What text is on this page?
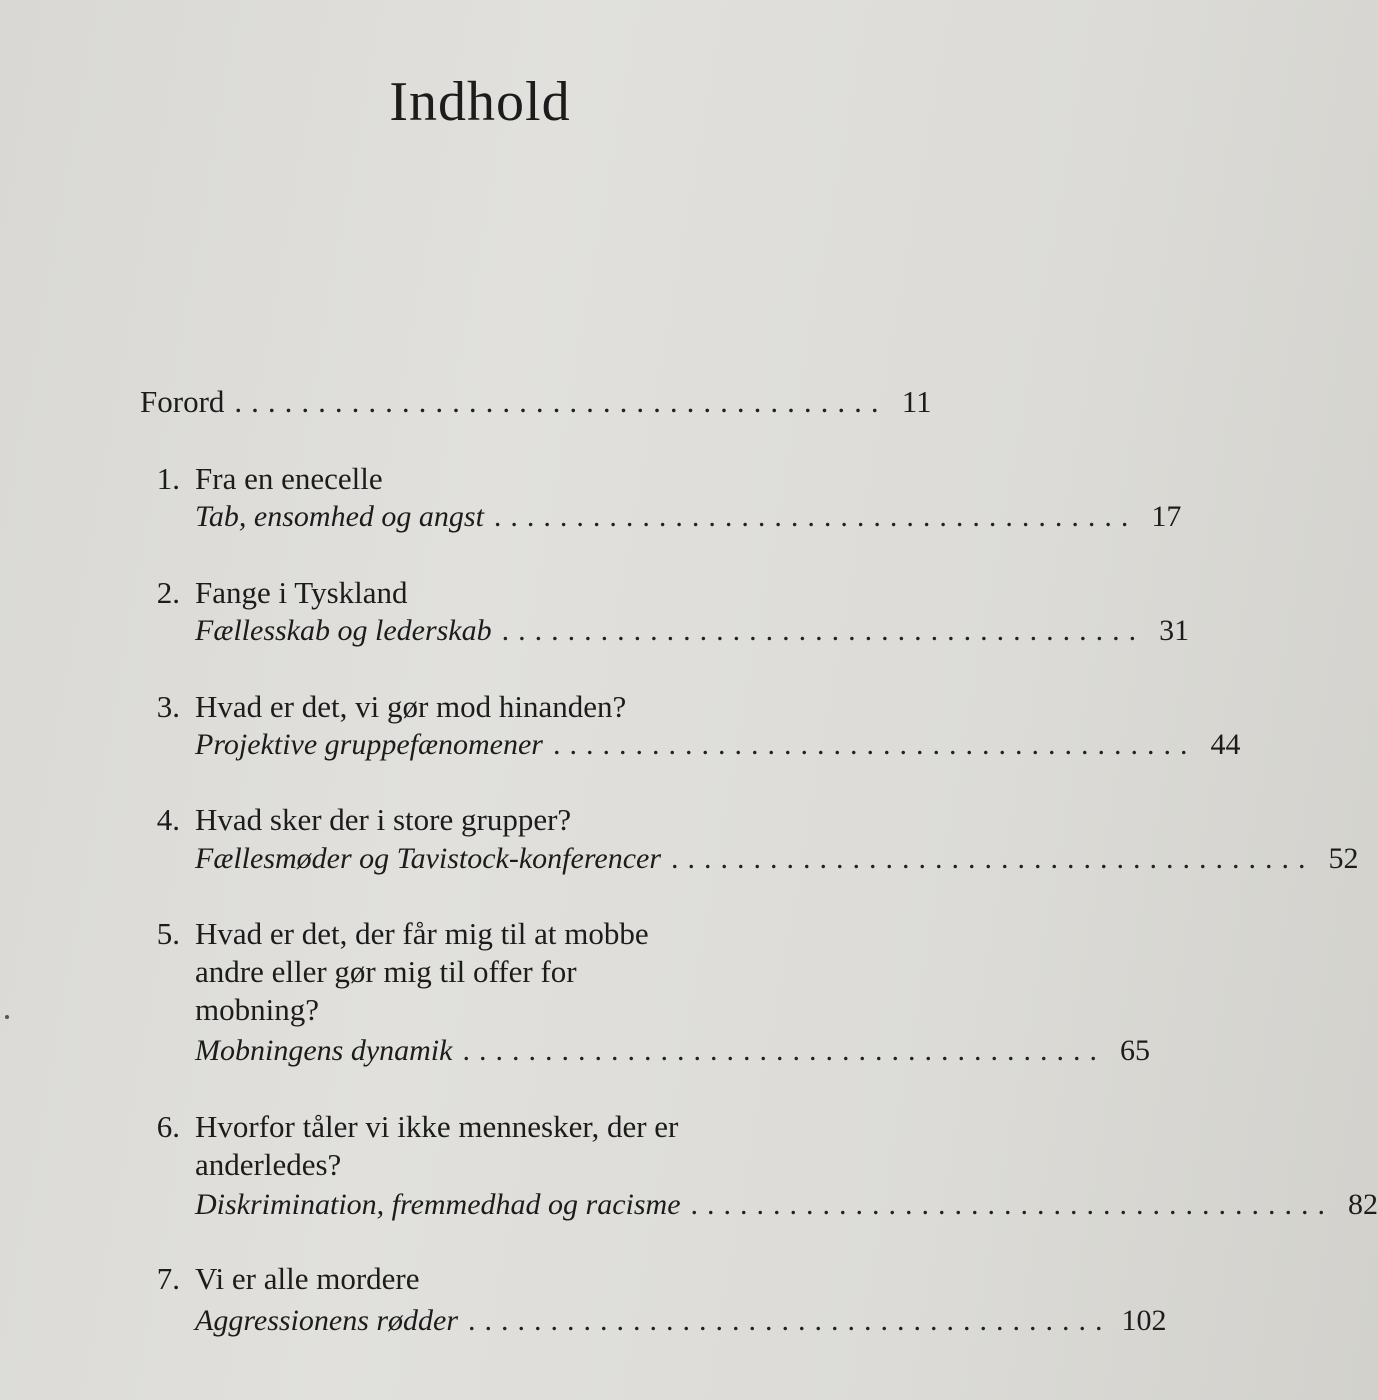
Indhold
Forord ....................................... 11
1. Fra en enecelle
Tab, ensomhed og angst ....................................... 17
2. Fange i Tyskland
Fællesskab og lederskab ....................................... 31
3. Hvad er det, vi gør mod hinanden?
Projektive gruppefænomener ....................................... 44
4. Hvad sker der i store grupper?
Fællesmøder og Tavistock-konferencer ....................................... 52
5. Hvad er det, der får mig til at mobbe
andre eller gør mig til offer for
mobning?
Mobningens dynamik ....................................... 65
6. Hvorfor tåler vi ikke mennesker, der er
anderledes?
Diskrimination, fremmedhad og racisme ....................................... 82
7. Vi er alle mordere
Aggressionens rødder ....................................... 102
